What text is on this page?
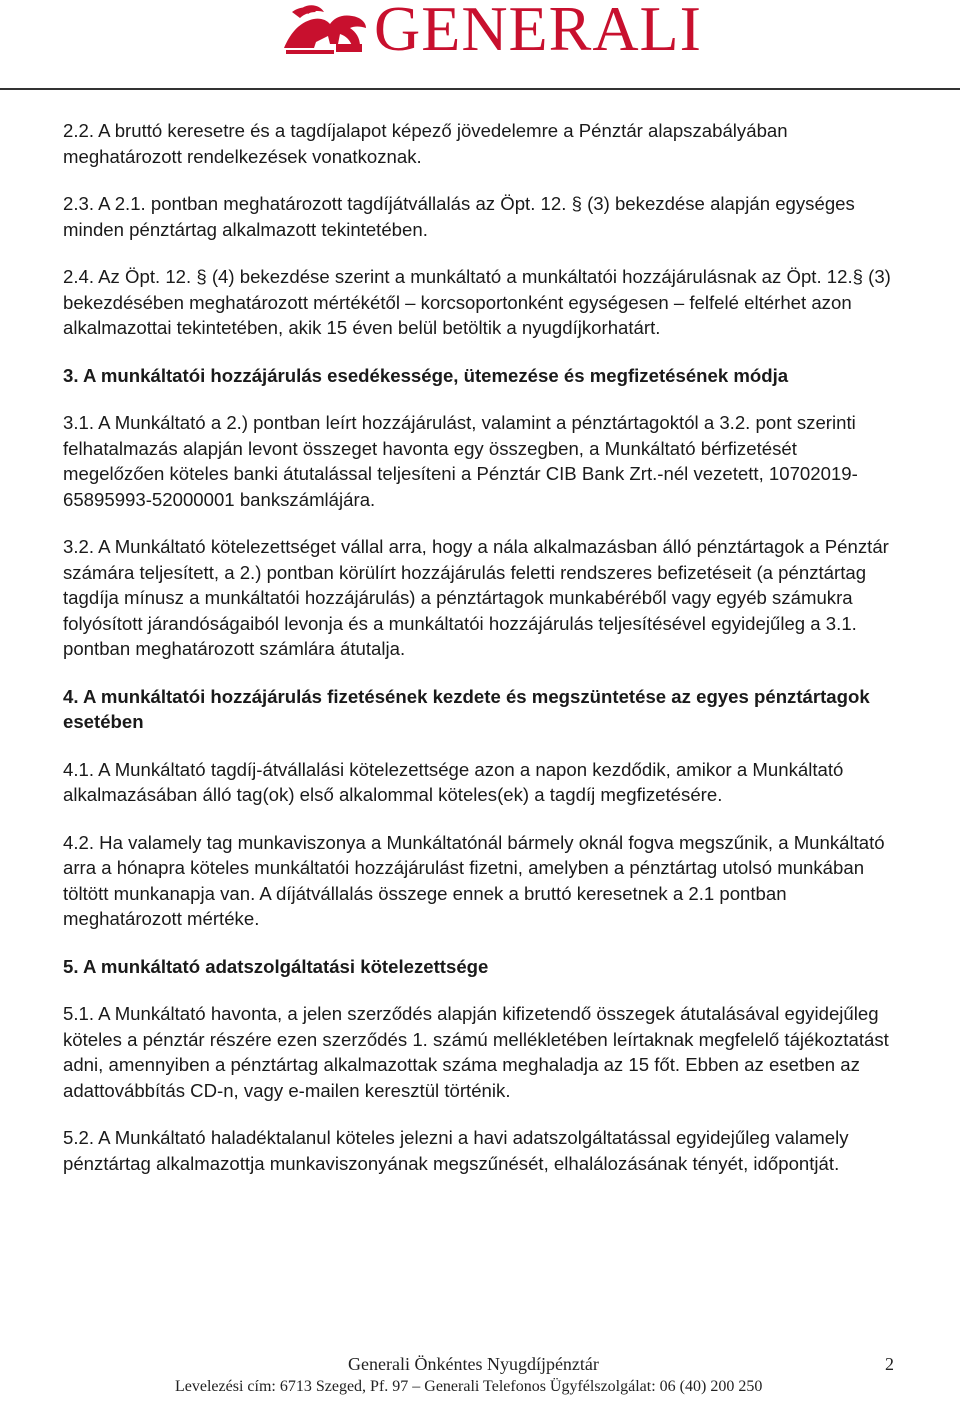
GENERALI

2.2. A bruttó keresetre és a tagdíjalapot képező jövedelemre a Pénztár alapszabályában meghatározott rendelkezések vonatkoznak.

2.3. A 2.1. pontban meghatározott tagdíjátvállalás az Öpt. 12. § (3) bekezdése alapján egységes minden pénztártag alkalmazott tekintetében.

2.4. Az Öpt. 12. § (4) bekezdése szerint a munkáltató a munkáltatói hozzájárulásnak az Öpt. 12.§ (3) bekezdésében meghatározott mértékétől – korcsoportonként egységesen – felfelé eltérhet azon alkalmazottai tekintetében, akik 15 éven belül betöltik a nyugdíjkorhatárt.

3. A munkáltatói hozzájárulás esedékessége, ütemezése és megfizetésének módja

3.1. A Munkáltató a 2.) pontban leírt hozzájárulást, valamint a pénztártagoktól a 3.2. pont szerinti felhatalmazás alapján levont összeget havonta egy összegben, a Munkáltató bérfizetését megelőzően köteles banki átutalással teljesíteni a Pénztár CIB Bank Zrt.-nél vezetett, 10702019-65895993-52000001 bankszámlájára.

3.2. A Munkáltató kötelezettséget vállal arra, hogy a nála alkalmazásban álló pénztártagok a Pénztár számára teljesített, a 2.) pontban körülírt hozzájárulás feletti rendszeres befizetéseit (a pénztártag tagdíja mínusz a munkáltatói hozzájárulás) a pénztártagok munkabéréből vagy egyéb számukra folyósított járandóságaiból levonja és a munkáltatói hozzájárulás teljesítésével egyidejűleg a 3.1. pontban meghatározott számlára átutalja.

4. A munkáltatói hozzájárulás fizetésének kezdete és megszüntetése az egyes pénztártagok esetében

4.1. A Munkáltató tagdíj-átvállalási kötelezettsége azon a napon kezdődik, amikor a Munkáltató alkalmazásában álló tag(ok) első alkalommal köteles(ek) a tagdíj megfizetésére.

4.2. Ha valamely tag munkaviszonya a Munkáltatónál bármely oknál fogva megszűnik, a Munkáltató arra a hónapra köteles munkáltatói hozzájárulást fizetni, amelyben a pénztártag utolsó munkában töltött munkanapja van. A díjátvállalás összege ennek a bruttó keresetnek a 2.1 pontban meghatározott mértéke.

5. A munkáltató adatszolgáltatási kötelezettsége

5.1. A Munkáltató havonta, a jelen szerződés alapján kifizetendő összegek átutalásával egyidejűleg köteles a pénztár részére ezen szerződés 1. számú mellékletében leírtaknak megfelelő tájékoztatást adni, amennyiben a pénztártag alkalmazottak száma meghaladja az 15 főt. Ebben az esetben az adattovábbítás CD-n, vagy e-mailen keresztül történik.

5.2. A Munkáltató haladéktalanul köteles jelezni a havi adatszolgáltatással egyidejűleg valamely pénztártag alkalmazottja munkaviszonyának megszűnését, elhalálozásának tényét, időpontját.

Generali Önkéntes Nyugdíjpénztár	2
Levelezési cím: 6713 Szeged, Pf. 97 – Generali Telefonos Ügyfélszolgálat: 06 (40) 200 250
